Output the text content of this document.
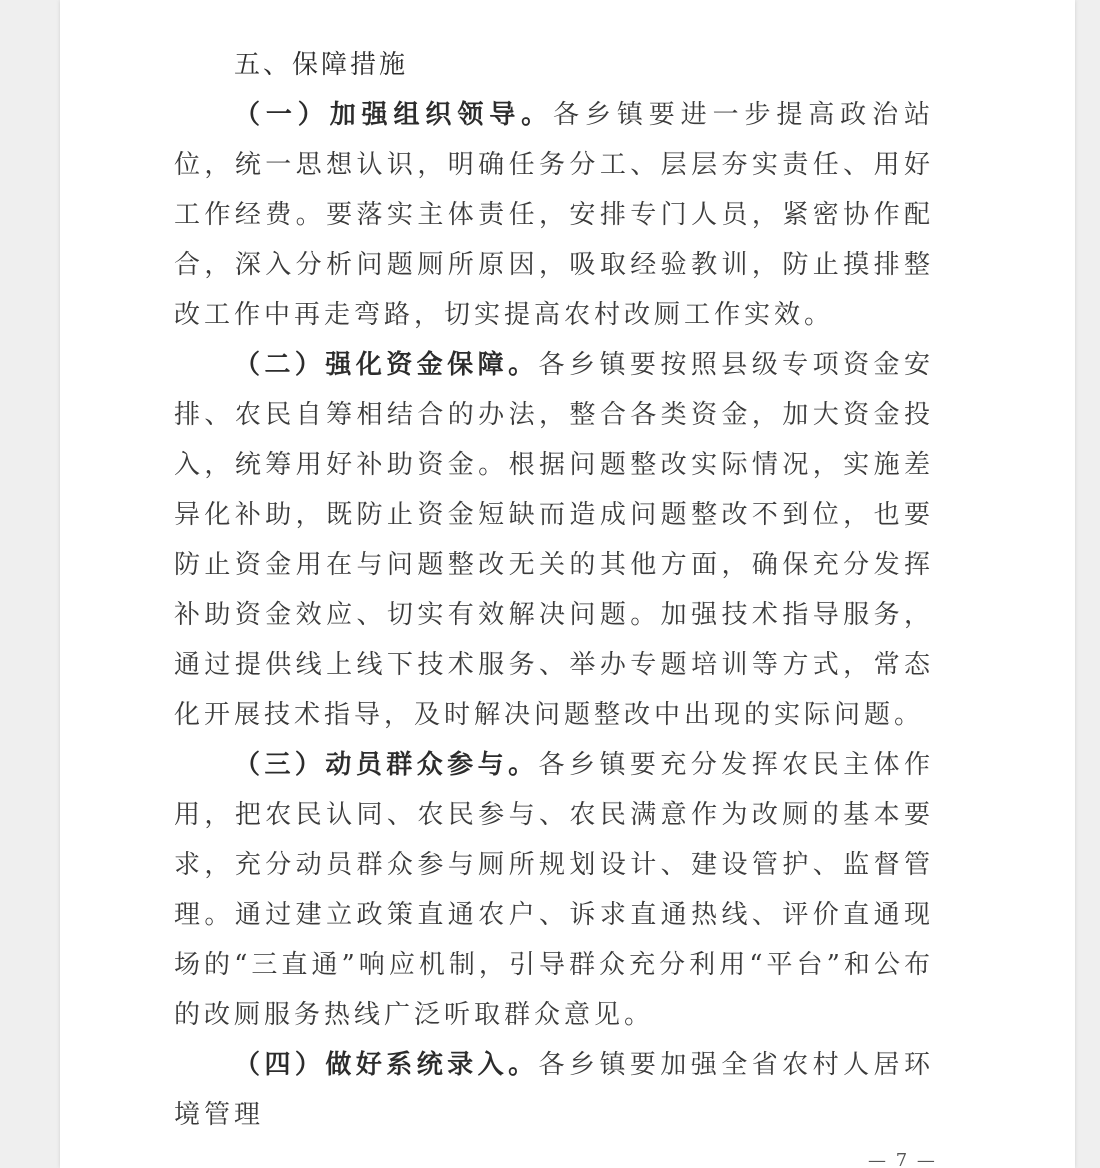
五、保障措施

（一）加强组织领导。各乡镇要进一步提高政治站位，统一思想认识，明确任务分工、层层夯实责任、用好工作经费。要落实主体责任，安排专门人员，紧密协作配合，深入分析问题厕所原因，吸取经验教训，防止摸排整改工作中再走弯路，切实提高农村改厕工作实效。

（二）强化资金保障。各乡镇要按照县级专项资金安排、农民自筹相结合的办法，整合各类资金，加大资金投入，统筹用好补助资金。根据问题整改实际情况，实施差异化补助，既防止资金短缺而造成问题整改不到位，也要防止资金用在与问题整改无关的其他方面，确保充分发挥补助资金效应、切实有效解决问题。加强技术指导服务，通过提供线上线下技术服务、举办专题培训等方式，常态化开展技术指导，及时解决问题整改中出现的实际问题。

（三）动员群众参与。各乡镇要充分发挥农民主体作用，把农民认同、农民参与、农民满意作为改厕的基本要求，充分动员群众参与厕所规划设计、建设管护、监督管理。通过建立政策直通农户、诉求直通热线、评价直通现场的“三直通”响应机制，引导群众充分利用“平台”和公布的改厕服务热线广泛听取群众意见。

（四）做好系统录入。各乡镇要加强全省农村人居环境管理

— 7 —
